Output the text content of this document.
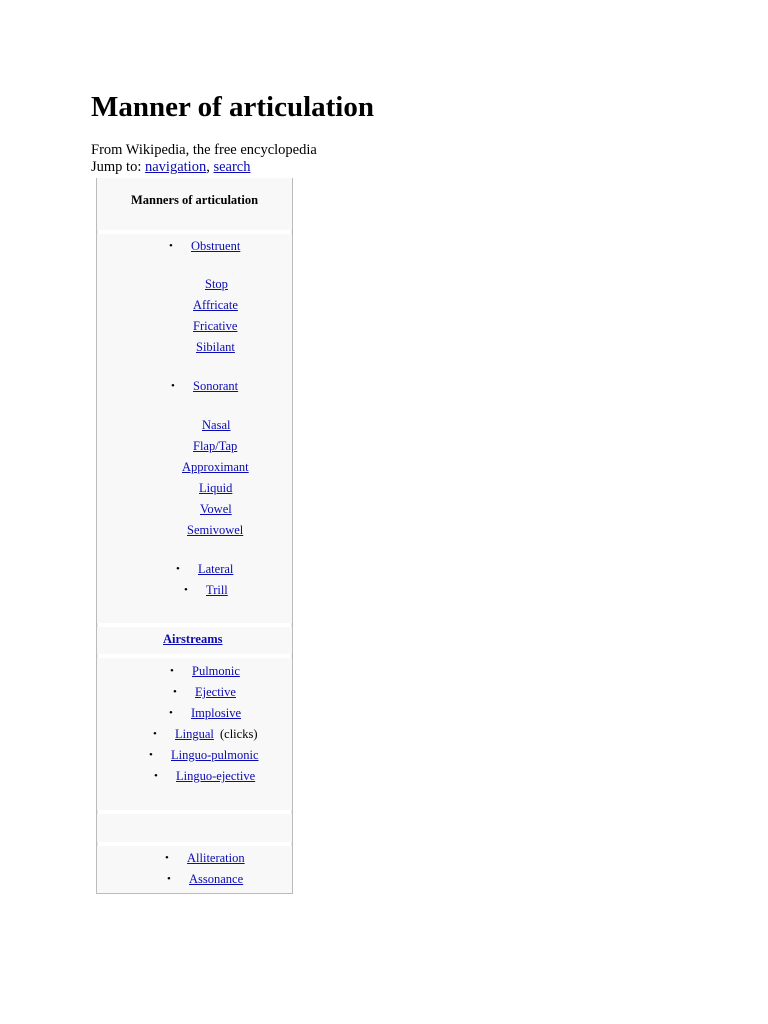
Manner of articulation
From Wikipedia, the free encyclopedia
Jump to: navigation, search
Manners of articulation
• Obstruent
Stop
Affricate
Fricative
Sibilant
• Sonorant
Nasal
Flap/Tap
Approximant
Liquid
Vowel
Semivowel
• Lateral
• Trill
Airstreams
• Pulmonic
• Ejective
• Implosive
• Lingual (clicks)
• Linguo-pulmonic
• Linguo-ejective
• Alliteration
• Assonance
